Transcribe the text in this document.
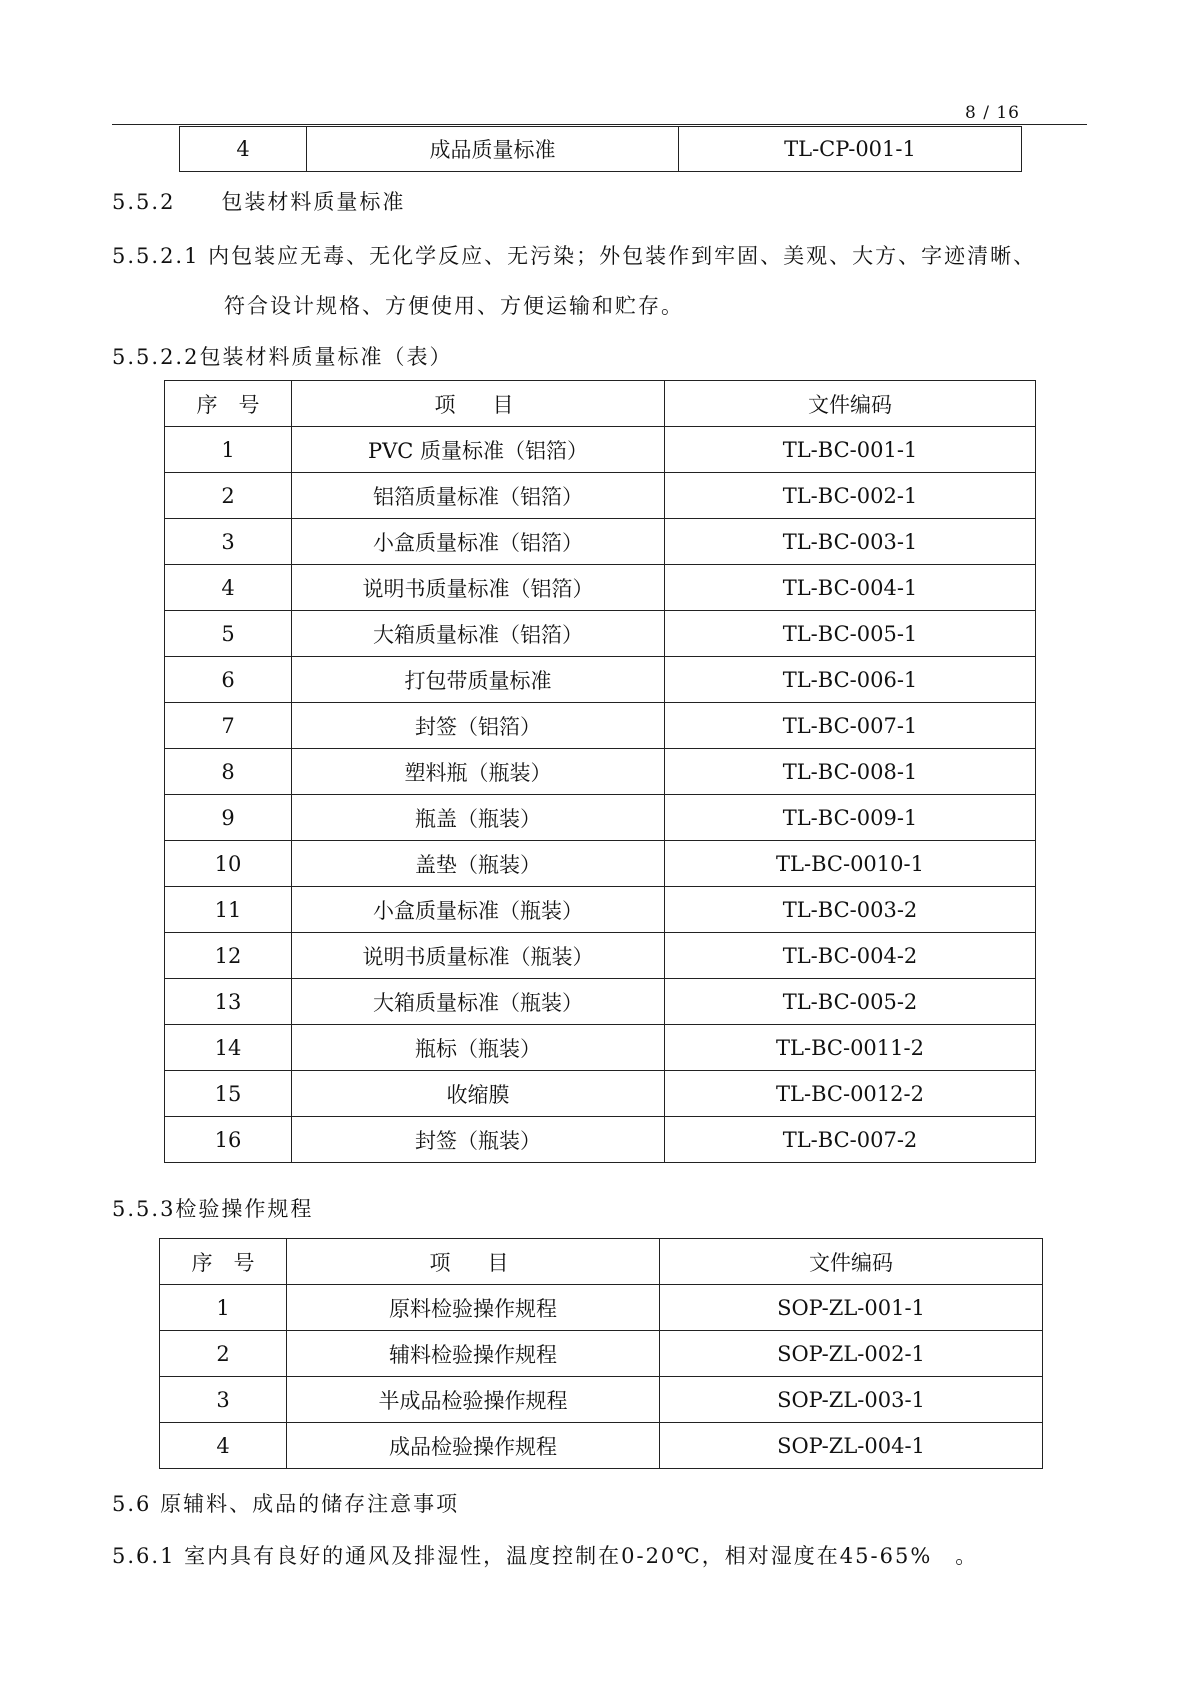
8 / 16
4	成品质量标准	TL-CP-001-1
5.5.2　　包装材料质量标准
5.5.2.1 内包装应无毒、无化学反应、无污染；外包装作到牢固、美观、大方、字迹清晰、
符合设计规格、方便使用、方便运输和贮存。
5.5.2.2包装材料质量标准（表）
序　号	项　目	文件编码
1	PVC 质量标准（铝箔）	TL-BC-001-1
2	铝箔质量标准（铝箔）	TL-BC-002-1
3	小盒质量标准（铝箔）	TL-BC-003-1
4	说明书质量标准（铝箔）	TL-BC-004-1
5	大箱质量标准（铝箔）	TL-BC-005-1
6	打包带质量标准	TL-BC-006-1
7	封签（铝箔）	TL-BC-007-1
8	塑料瓶（瓶装）	TL-BC-008-1
9	瓶盖（瓶装）	TL-BC-009-1
10	盖垫（瓶装）	TL-BC-0010-1
11	小盒质量标准（瓶装）	TL-BC-003-2
12	说明书质量标准（瓶装）	TL-BC-004-2
13	大箱质量标准（瓶装）	TL-BC-005-2
14	瓶标（瓶装）	TL-BC-0011-2
15	收缩膜	TL-BC-0012-2
16	封签（瓶装）	TL-BC-007-2
5.5.3检验操作规程
序　号	项　目	文件编码
1	原料检验操作规程	SOP-ZL-001-1
2	辅料检验操作规程	SOP-ZL-002-1
3	半成品检验操作规程	SOP-ZL-003-1
4	成品检验操作规程	SOP-ZL-004-1
5.6 原辅料、成品的储存注意事项
5.6.1 室内具有良好的通风及排湿性，温度控制在0-20℃，相对湿度在45-65%　。
